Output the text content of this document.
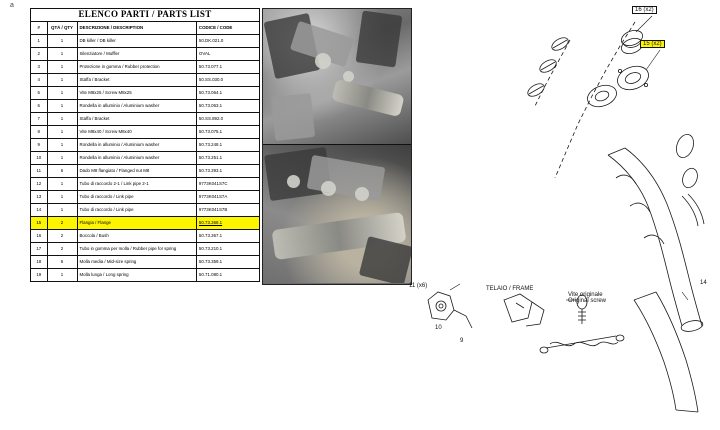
a
ELENCO PARTI / PARTS LIST			
#	QTÁ / QTY	DESCRIZIONE / DESCRIPTION	CODICE / CODE
1	1	DB killer / DB killer	50.DK.021.0
2	1	Silenziatore / Muffler	OVAL
3	1	Protezione in gomma / Rubber protection	50.73.077.1
4	1	Staffa / Bracket	50.SS.030.0
5	1	Vite M8x25 / Screw M8x25	50.73.064.1
6	1	Rondella in alluminio / Aluminium washer	50.73.063.1
7	1	Staffa / Bracket	50.SS.892.0
8	1	Vite M8x40 / Screw M8x40	50.73.075.1
9	1	Rondella in alluminio / Aluminium washer	50.73.248.1
10	1	Rondella in alluminio / Aluminium washer	50.73.251.1
11	6	Dado M8 flangiato / Flanged nut M8	50.73.393.1
12	1	Tubo di raccordo 2-1 / Link pipe 2-1	9773K041S7C
13	1	Tubo di raccordo / Link pipe	9773K041S7A
14	1	Tubo di raccordo / Link pipe	9773K041S7B
15	2	Flangia / Flange	50.73.368.1
16	2	Boccola / Bush	50.73.367.1
17	2	Tubo in gomma per molla / Rubber pipe for spring	50.73.210.1
18	6	Molla media / Mid-size spring	50.73.359.1
19	1	Molla lunga / Long spring	50.71.080.1
16 (x2)
15 (x2)
11 (x6)
10
9
14
TELAIO / FRAME
Vite originale
Original screw
